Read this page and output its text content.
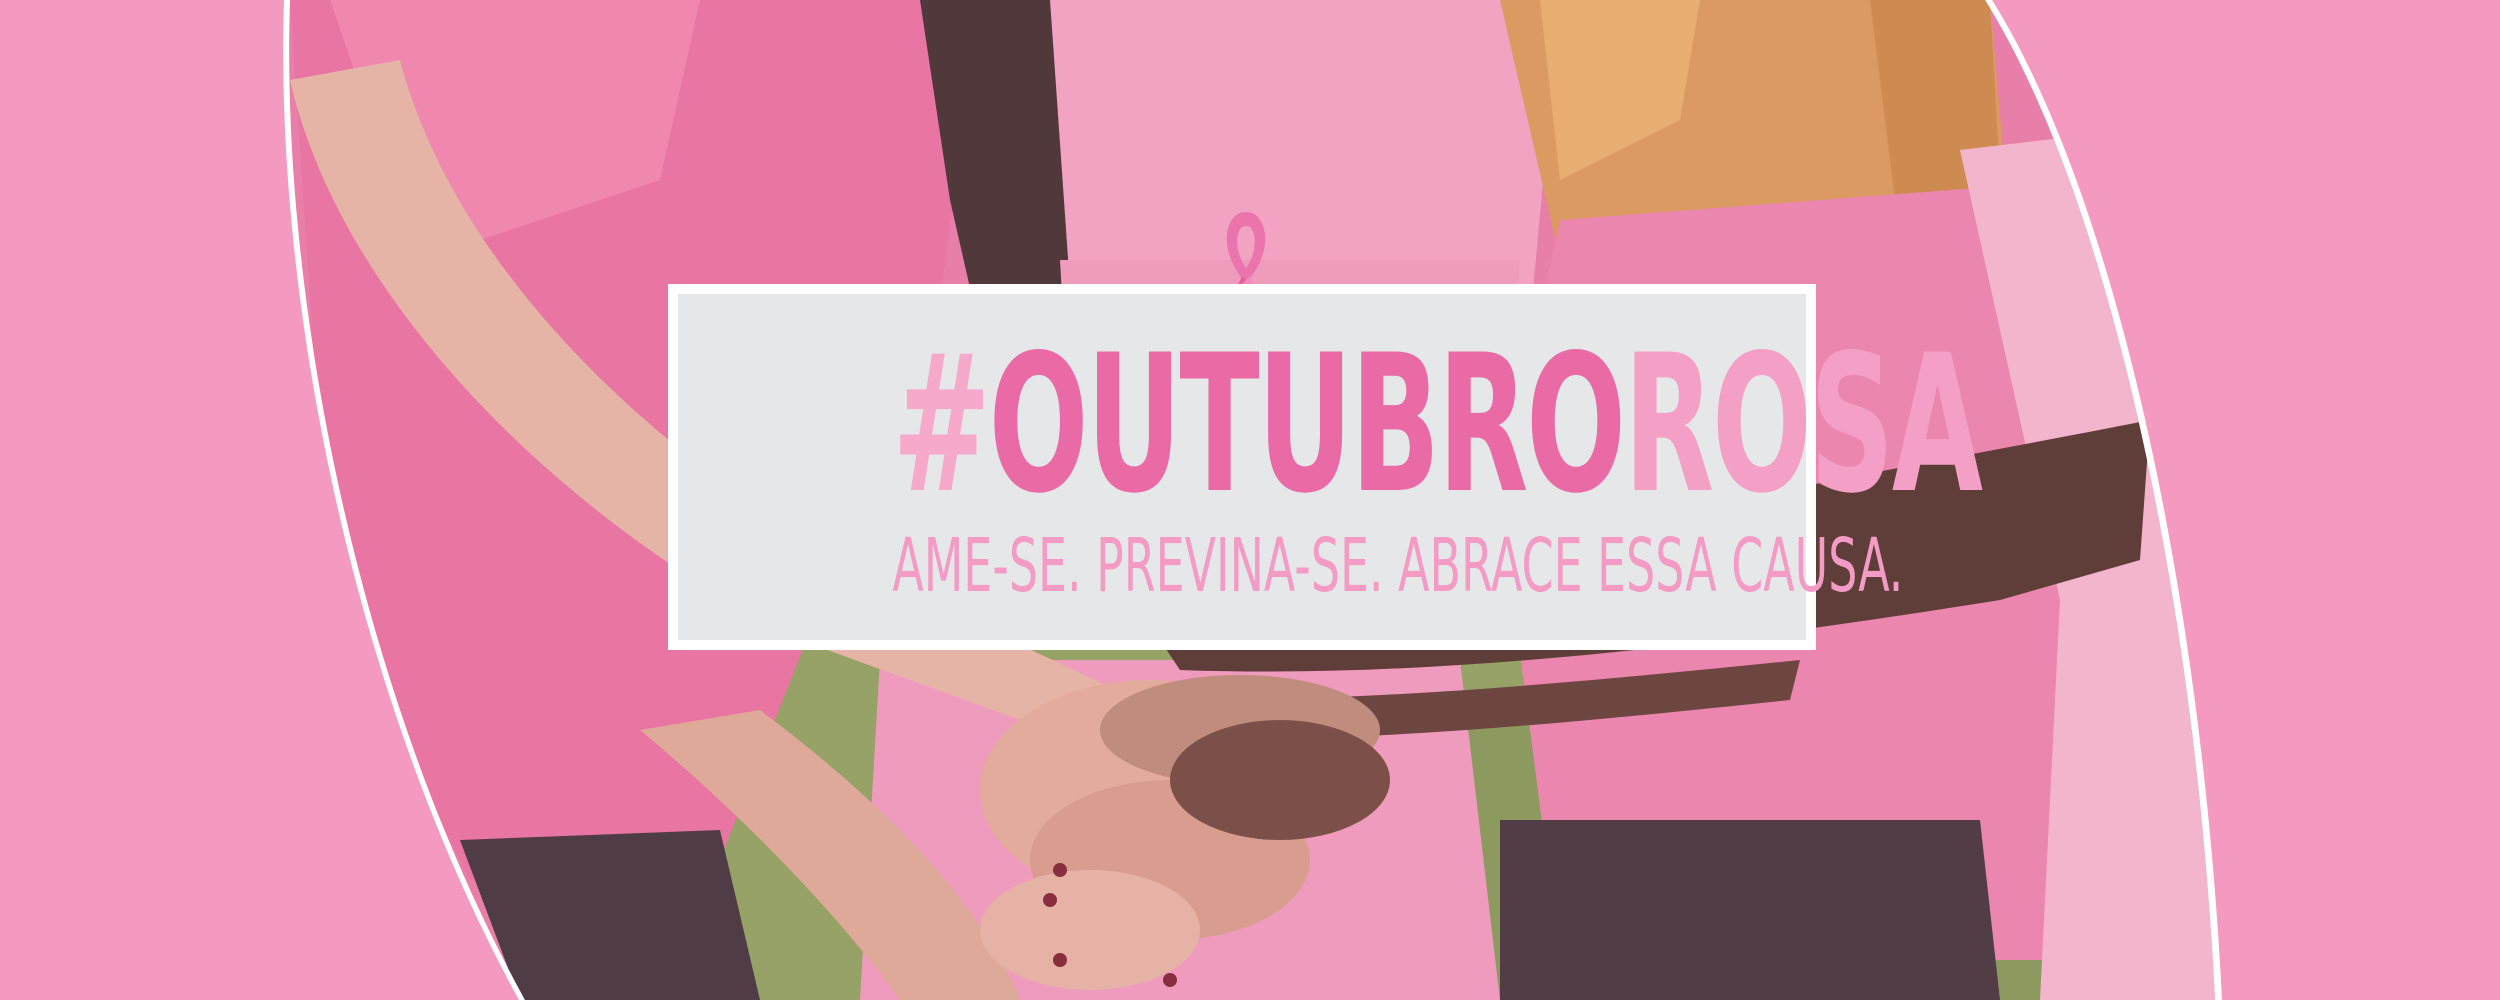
#OUTUBROROSA
AME-SE. PREVINA-SE. ABRACE ESSA CAUSA.
